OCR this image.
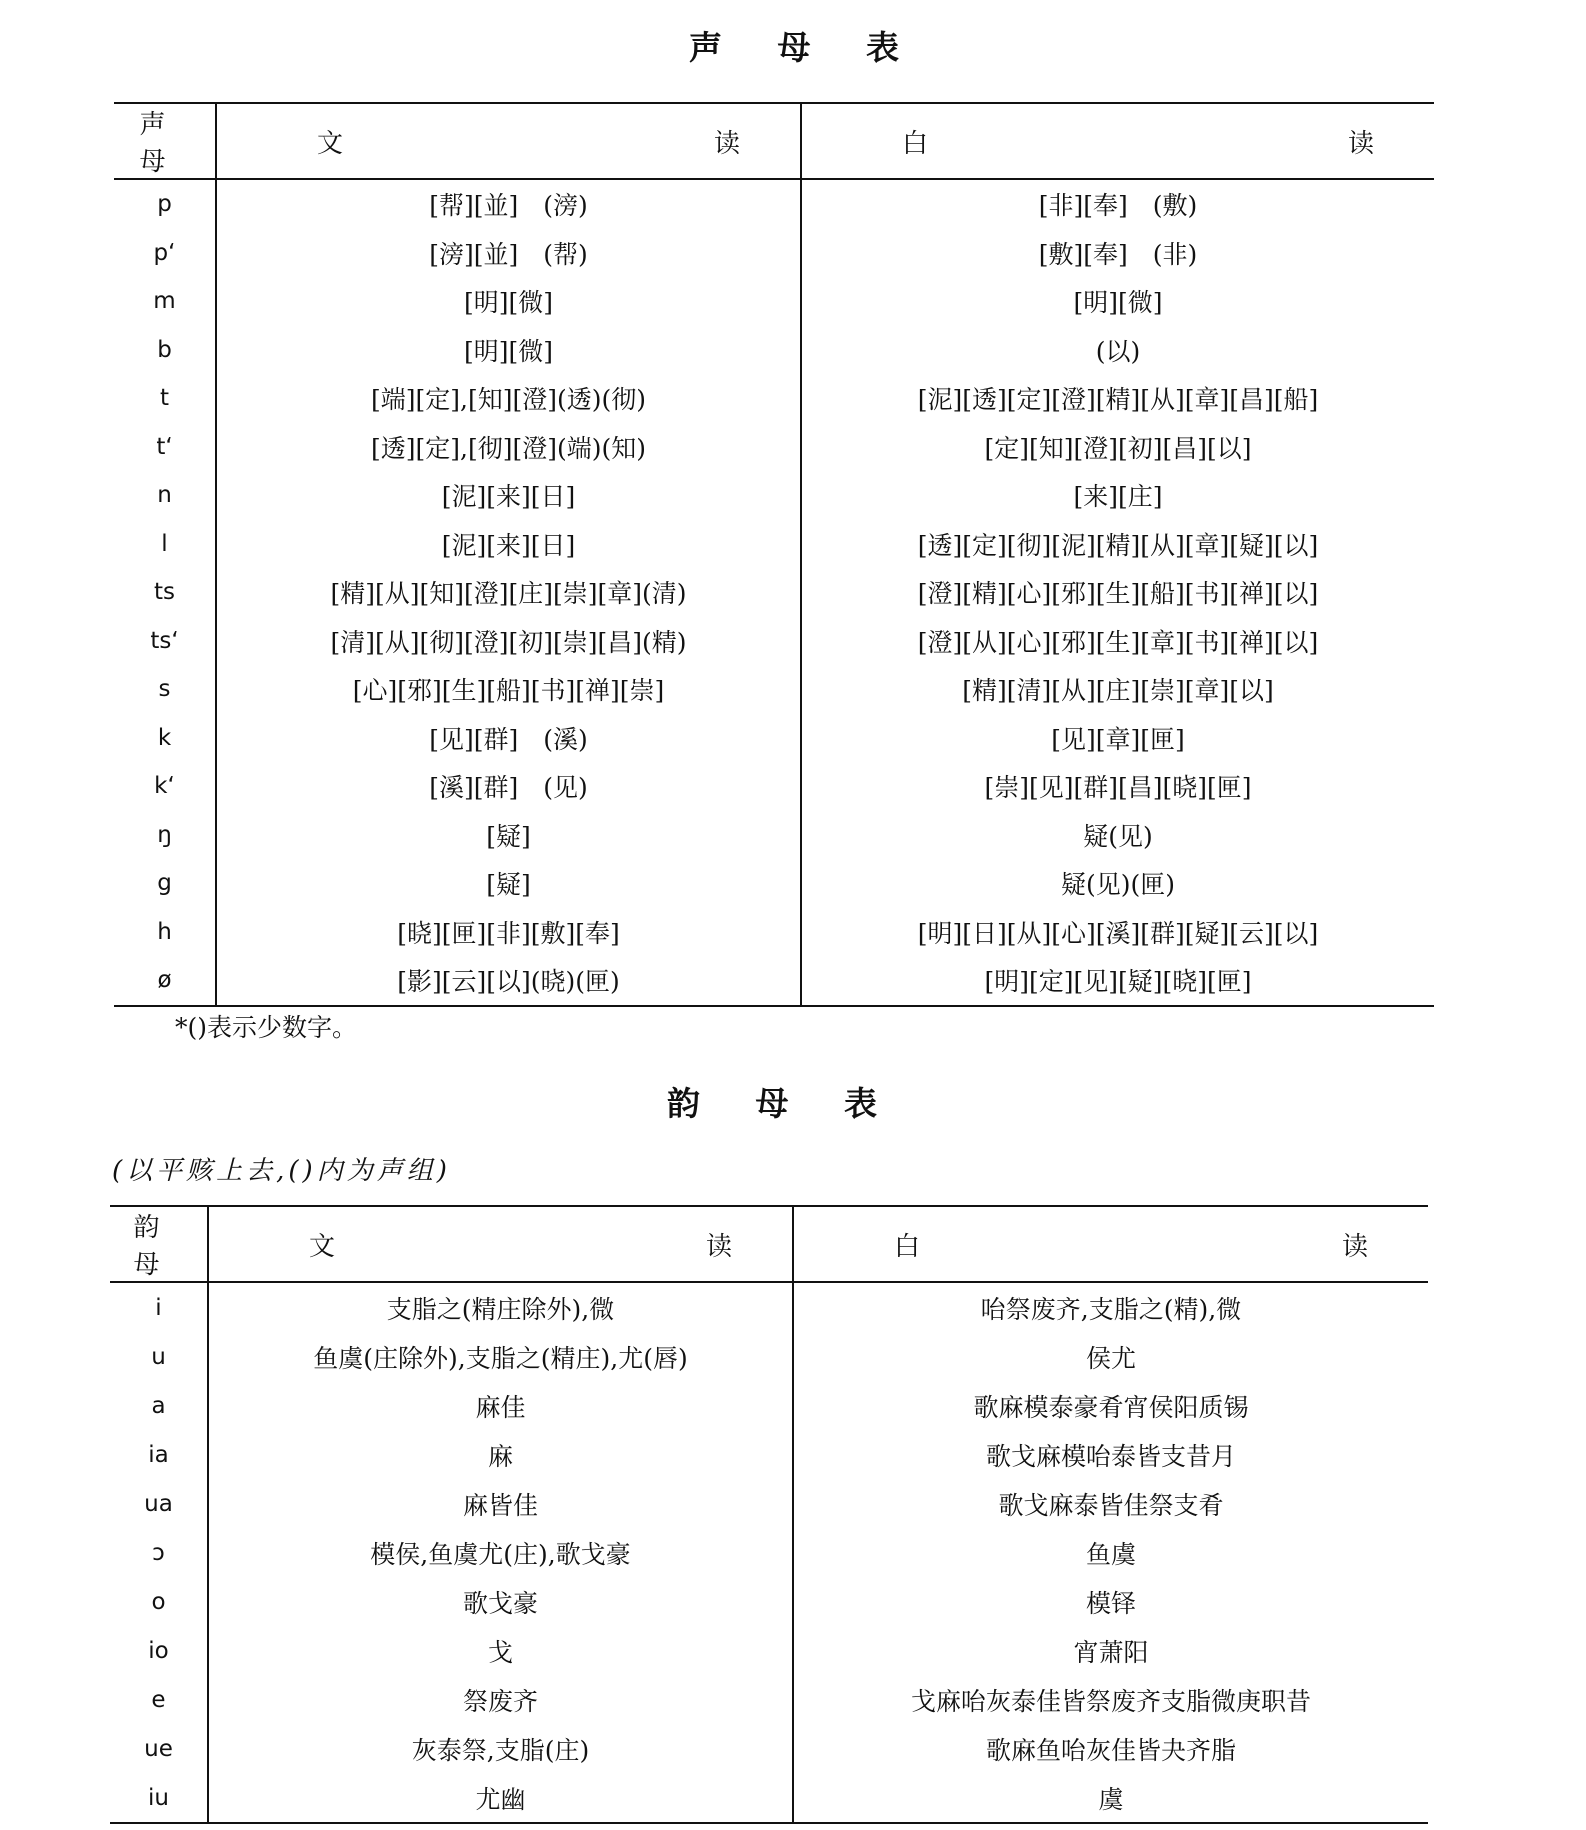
声 母 表
声　母	文 读	白 读

p	[帮][並]　(滂)	[非][奉]　(敷)
p‘	[滂][並]　(帮)	[敷][奉]　(非)
m	[明][微]	[明][微]
b	[明][微]	(以)
t	[端][定],[知][澄](透)(彻)	[泥][透][定][澄][精][从][章][昌][船]
t‘	[透][定],[彻][澄](端)(知)	[定][知][澄][初][昌][以]
n	[泥][来][日]	[来][庄]
l	[泥][来][日]	[透][定][彻][泥][精][从][章][疑][以]
ts	[精][从][知][澄][庄][崇][章](清)	[澄][精][心][邪][生][船][书][禅][以]
ts‘	[清][从][彻][澄][初][崇][昌](精)	[澄][从][心][邪][生][章][书][禅][以]
s	[心][邪][生][船][书][禅][崇]	[精][清][从][庄][崇][章][以]
k	[见][群]　(溪)	[见][章][匣]
k‘	[溪][群]　(见)	[崇][见][群][昌][晓][匣]
ŋ	[疑]	疑(见)
g	[疑]	疑(见)(匣)
h	[晓][匣][非][敷][奉]	[明][日][从][心][溪][群][疑][云][以]
ø	[影][云][以](晓)(匣)	[明][定][见][疑][晓][匣]
*()表示少数字。
韵 母 表
(以平赅上去,()内为声组)
韵　母	文 读	白 读

i	支脂之(精庄除外),微	咍祭废齐,支脂之(精),微
u	鱼虞(庄除外),支脂之(精庄),尤(唇)	侯尤
a	麻佳	歌麻模泰豪肴宵侯阳质锡
ia	麻	歌戈麻模咍泰皆支昔月
ua	麻皆佳	歌戈麻泰皆佳祭支肴
ɔ	模侯,鱼虞尤(庄),歌戈豪	鱼虞
o	歌戈豪	模铎
io	戈	宵萧阳
e	祭废齐	戈麻咍灰泰佳皆祭废齐支脂微庚职昔
ue	灰泰祭,支脂(庄)	歌麻鱼咍灰佳皆夬齐脂
iu	尤幽	虞
